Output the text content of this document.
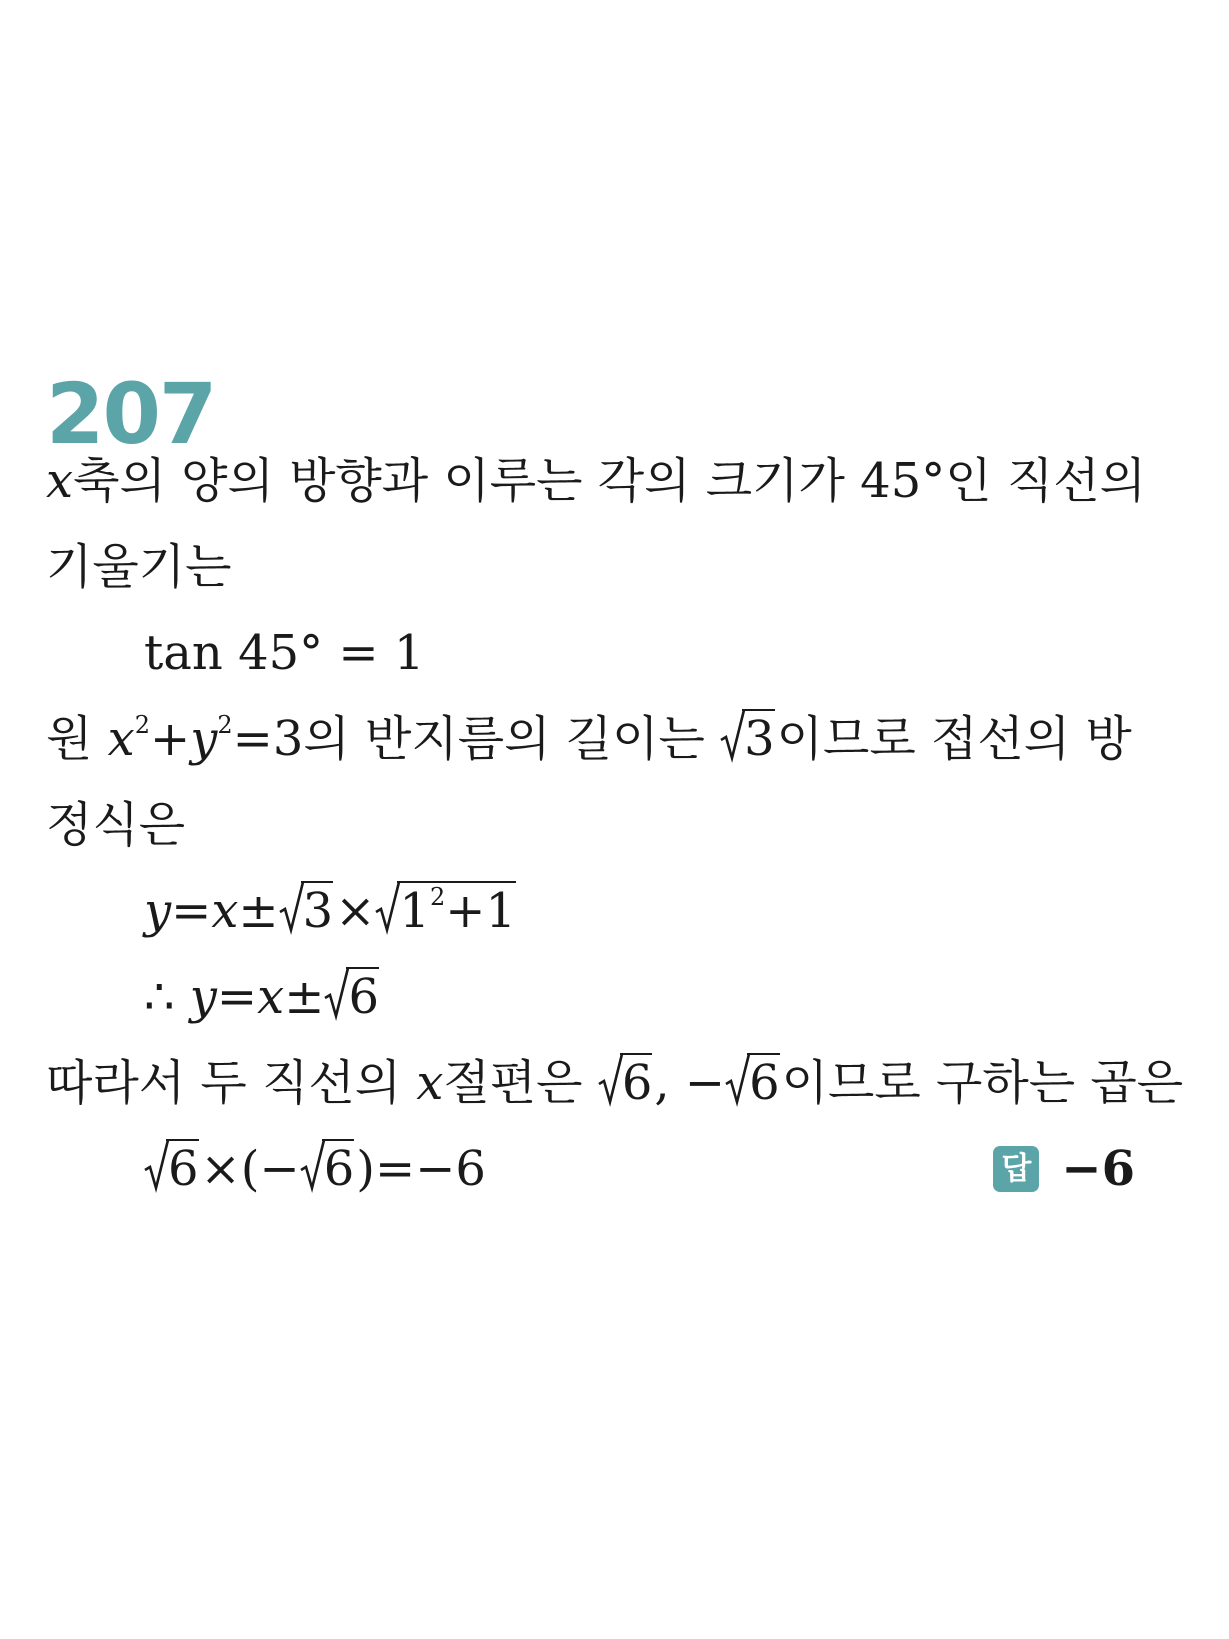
207
x축의 양의 방향과 이루는 각의 크기가 45°인 직선의
기울기는
tan 45° = 1
원 $x^2+y^2=3$의 반지름의 길이는
3이므로 접선의 방
정식은
$y=x\pm 3\times 1^2+1$
∴ y=x± 6
따라서 두 직선의 x절편은
6, − 6이므로 구하는 곱은
6×(− 6)=−6	답 −6
